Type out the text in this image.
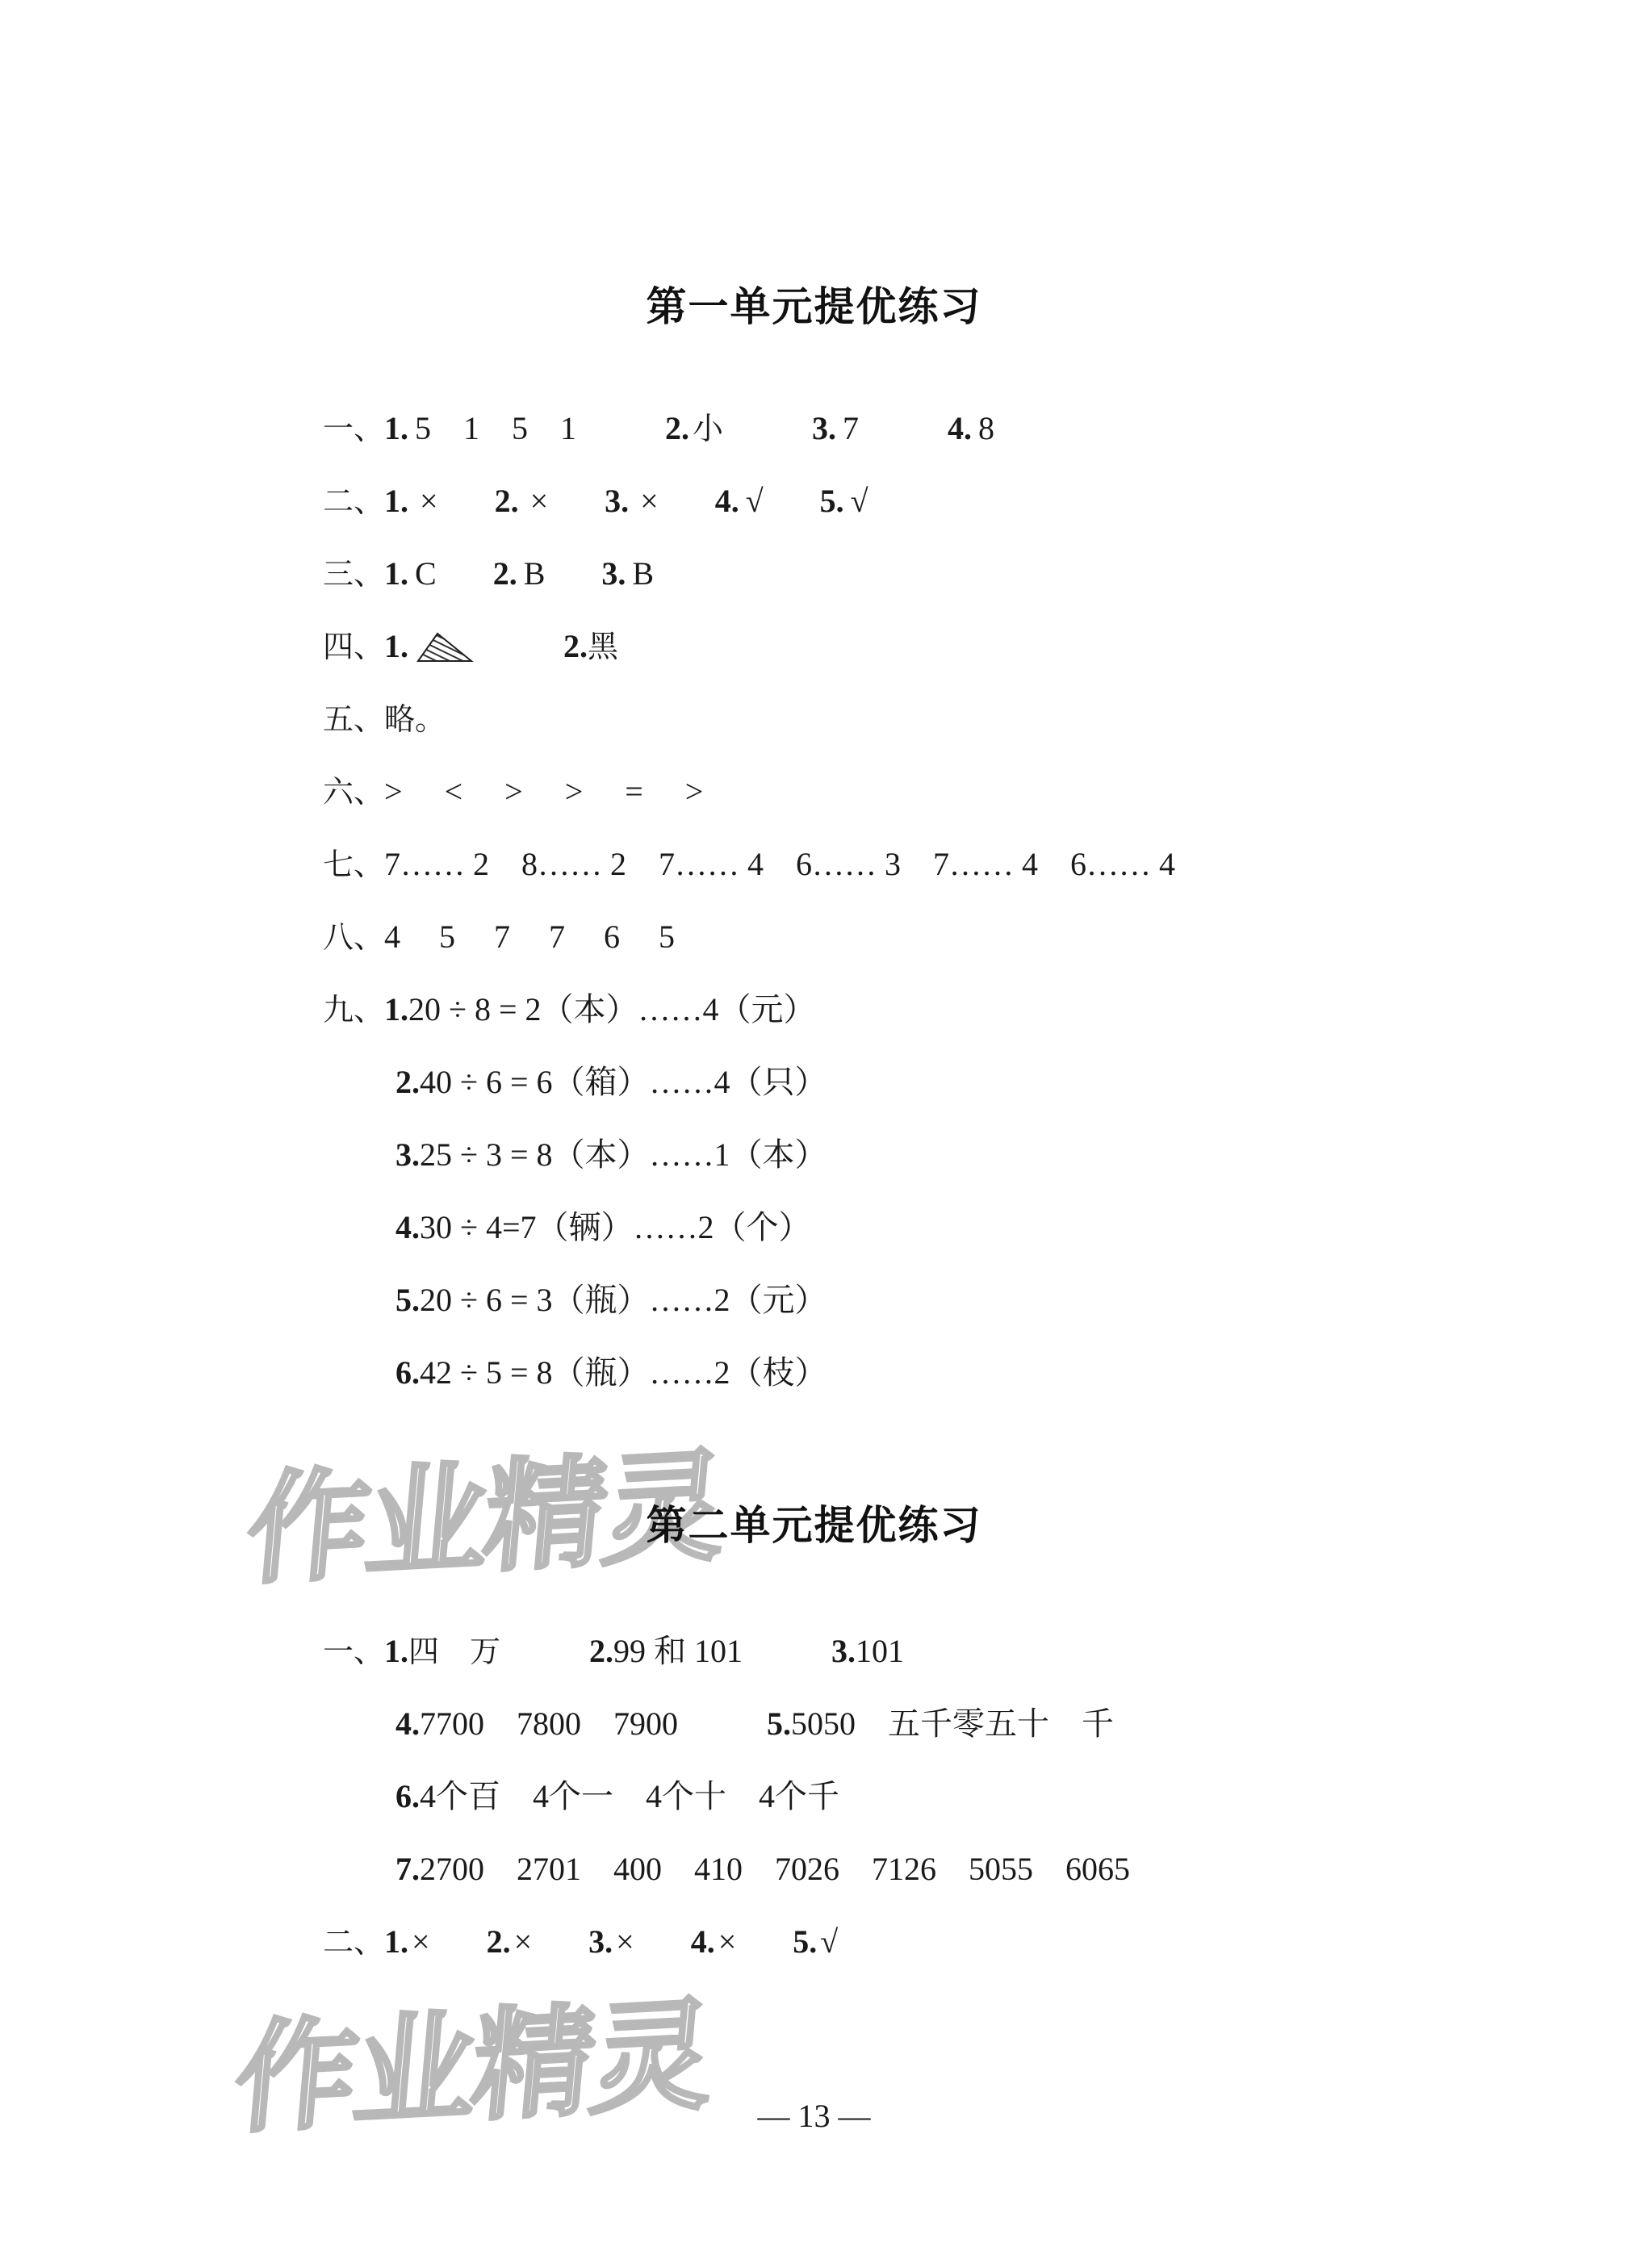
第一单元提优练习
一、 1. 5　1　5　1	2. 小	3. 7	4. 8
二、 1. × 2. × 3. × 4. √ 5. √
三、 1. C 2. B 3. B
四、 1.	2. 黑
五、 略。
六、 >　<　>　>　=　>
七、 7…… 2　8…… 2　7…… 4　6…… 3　7…… 4　6…… 4
八、 4　5　7　7　6　5
九、 1. 20 ÷ 8 = 2（本）……4（元）
2. 40 ÷ 6 = 6（箱）……4（只）
3. 25 ÷ 3 = 8（本）……1（本）
4. 30 ÷ 4=7（辆）……2（个）
5. 20 ÷ 6 = 3（瓶）……2（元）
6. 42 ÷ 5 = 8（瓶）……2（枝）
作业精灵
第二单元提优练习
一、 1. 四　万	2. 99 和 101	3. 101
4. 7700　7800　7900	5. 5050　五千零五十　千
6. 4个百　4个一　4个十　4个千
7. 2700　2701　400　410　7026　7126　5055　6065
二、 1. × 2. × 3. × 4. × 5. √
作业精灵	— 13 —
